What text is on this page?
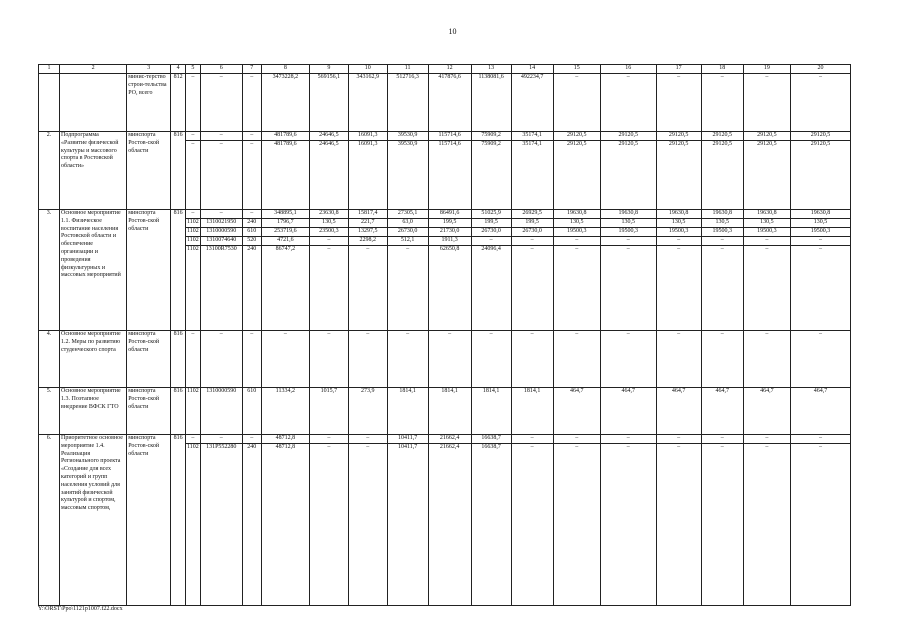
10
1	2	3	4	5	6	7	8	9	10	11	12	13	14	15	16	17	18	19	20
		минис-терство строи-тельства РО, всего	812	–	–	–	3473228,2	569156,1	343162,9	512716,3	417876,6	1138081,6	492234,7	–	–	–	–	–	–
2.	Подпрограмма «Развитие физической культуры и массового спорта в Ростовской области»	минспорта Ростов-ской области	816	–	–	–	481789,6	24646,5	16091,3	39530,9	115714,6	75909,2	35174,1	29120,5	29120,5	29120,5	29120,5	29120,5	29120,5
				–	–	–	481789,6	24646,5	16091,3	39530,9	115714,6	75909,2	35174,1	29120,5	29120,5	29120,5	29120,5	29120,5	29120,5
3.	Основное мероприятие 1.1. Физическое воспитание населения Ростовской области и обеспечение организации и проведения физкультурных и массовых мероприятий	минспорта Ростов-ской области	816	–	–	–	348895,1	23630,8	15817,4	27305,1	86491,6	51025,9	26929,5	19630,8	19630,8	19630,8	19630,8	19630,8	19630,8
				1102	1310021950	240	1796,7	130,5	221,7	63,0	199,5	199,5	199,5	130,5	130,5	130,5	130,5	130,5	130,5
				1102	1310000590	610	253719,6	23500,3	13297,5	26730,0	21730,0	26730,0	26730,0	19500,3	19500,3	19500,3	19500,3	19500,3	19500,3
				1102	1310074640	520	4721,6	–	2298,2	512,1	1911,3	–	–	–	–	–	–	–	–
				1102	13100R7530	240	86747,2	–	–	–	62650,8	24096,4	–	–	–	–	–	–	–
4.	Основное мероприятие 1.2. Меры по развитию студенческого спорта	минспорта Ростов-ской области	816	–	–	–	–	–	–	–	–	–	–	–	–	–	–	–	–
5.	Основное мероприятие 1.3. Поэтапное внедрение ВФСК ГТО	минспорта Ростов-ской области	816	1102	1310000590	610	11334,2	1015,7	273,9	1814,1	1814,1	1814,1	1814,1	464,7	464,7	464,7	464,7	464,7	464,7
6.	Приоритетное основное мероприятие 1.4. Реализация Регионального проекта «Создание для всех категорий и групп населения условий для занятий физической культурой и спортом, массовым спортом,	минспорта Ростов-ской области	816	–	–	–	48712,8	–	–	10411,7	21662,4	16638,7	–	–	–	–	–	–	–
				1102	131P552280	240	48712,8	–	–	10411,7	21662,4	16638,7	–	–	–	–	–	–	–
Y:\ORST\Ppo\1121p1007.f22.docx
